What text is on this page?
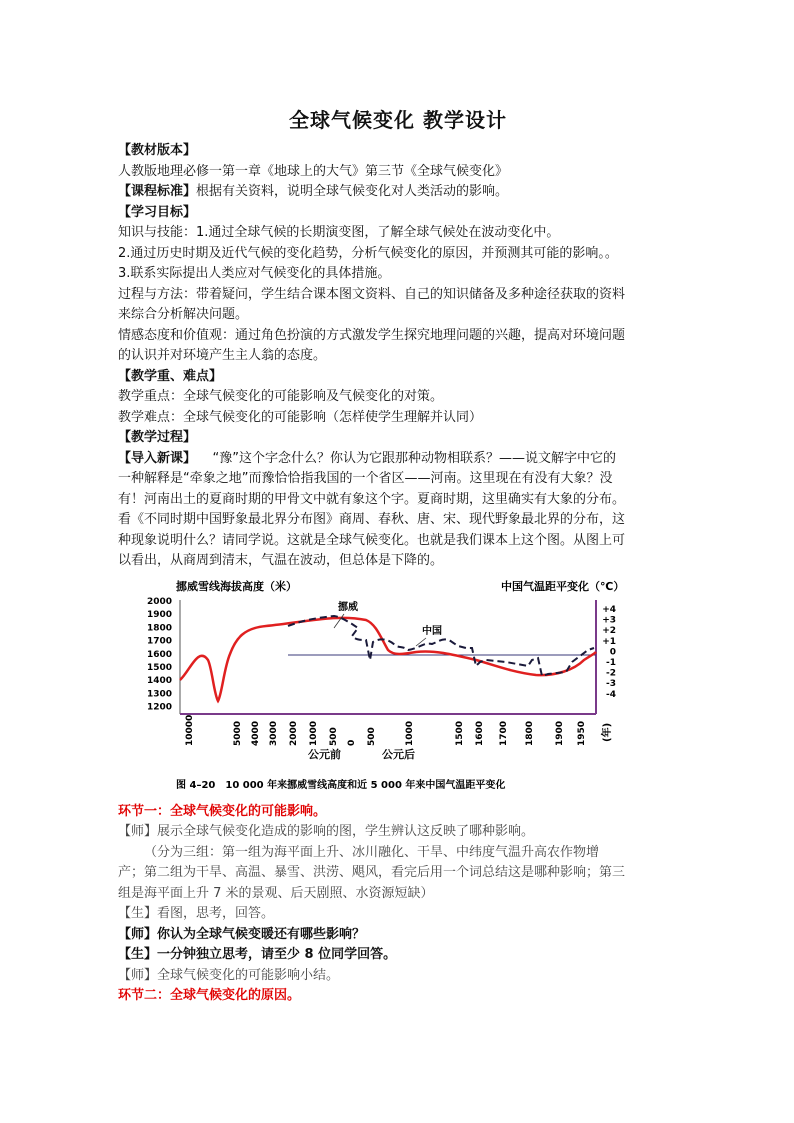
全球气候变化 教学设计

【教材版本】

人教版地理必修一第一章《地球上的大气》第三节《全球气候变化》

【课程标准】根据有关资料，说明全球气候变化对人类活动的影响。

【学习目标】

知识与技能：1.通过全球气候的长期演变图，了解全球气候处在波动变化中。

2.通过历史时期及近代气候的变化趋势，分析气候变化的原因，并预测其可能的影响。。

3.联系实际提出人类应对气候变化的具体措施。

过程与方法：带着疑问，学生结合课本图文资料、自己的知识储备及多种途径获取的资料

来综合分析解决问题。

情感态度和价值观：通过角色扮演的方式激发学生探究地理问题的兴趣，提高对环境问题

的认识并对环境产生主人翁的态度。

【教学重、难点】

教学重点：全球气候变化的可能影响及气候变化的对策。

教学难点：全球气候变化的可能影响（怎样使学生理解并认同）

【教学过程】

【导入新课】 “豫”这个字念什么？你认为它跟那种动物相联系？——说文解字中它的

一种解释是“牵象之地”而豫恰恰指我国的一个省区——河南。这里现在有没有大象？没

有！河南出土的夏商时期的甲骨文中就有象这个字。夏商时期，这里确实有大象的分布。

看《不同时期中国野象最北界分布图》商周、春秋、唐、宋、现代野象最北界的分布，这

种现象说明什么？请同学说。这就是全球气候变化。也就是我们课本上这个图。从图上可

以看出，从商周到清末，气温在波动，但总体是下降的。

挪威雪线海拔高度（米）	中国气温距平变化（℃）
2000
1900
1800
1700
1600
1500
1400
1300
1200
+4
+3
+2
+1
0
-1
-2
-3
-4
10000	5000 4000 3000 2000 1000 500 0 500	1000	1500 1600 1700 1800 1900 1950
挪威
中国
(年)
公元前	公元后
图 4–20　10 000 年来挪威雪线高度和近 5 000 年来中国气温距平变化

环节一：全球气候变化的可能影响。

【师】展示全球气候变化造成的影响的图，学生辨认这反映了哪种影响。

（分为三组：第一组为海平面上升、冰川融化、干旱、中纬度气温升高农作物增

产；第二组为干旱、高温、暴雪、洪涝、飓风，看完后用一个词总结这是哪种影响；第三

组是海平面上升 7 米的景观、后天剧照、水资源短缺）

【生】看图，思考，回答。

【师】你认为全球气候变暖还有哪些影响？

【生】一分钟独立思考，请至少 8 位同学回答。

【师】全球气候变化的可能影响小结。

环节二：全球气候变化的原因。
